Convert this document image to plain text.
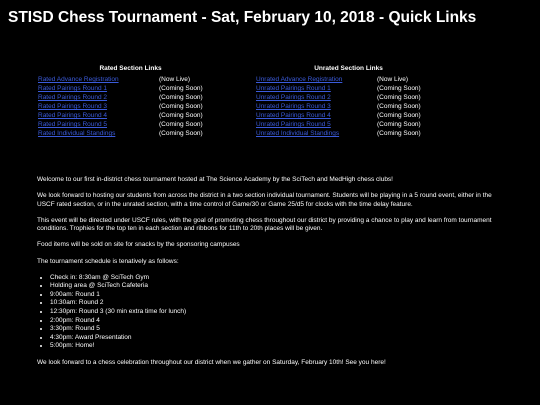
STISD Chess Tournament - Sat, February 10, 2018 - Quick Links
Rated Section Links
Rated Advance Registration	(Now Live)
Rated Pairings Round 1	(Coming Soon)
Rated Pairings Round 2	(Coming Soon)
Rated Pairings Round 3	(Coming Soon)
Rated Pairings Round 4	(Coming Soon)
Rated Pairings Round 5	(Coming Soon)
Rated Individual Standings	(Coming Soon)
Unrated Section Links
Unrated Advance Registration	(Now Live)
Unrated Pairings Round 1	(Coming Soon)
Unrated Pairings Round 2	(Coming Soon)
Unrated Pairings Round 3	(Coming Soon)
Unrated Pairings Round 4	(Coming Soon)
Unrated Pairings Round 5	(Coming Soon)
Unrated Individual Standings	(Coming Soon)

Welcome to our first in-district chess tournament hosted at The Science Academy by the SciTech and MedHigh chess clubs!

We look forward to hosting our students from across the district in a two section individual tournament. Students will be playing in a 5 round event, either in the USCF rated section, or in the unrated section, with a time control of Game/30 or Game 25/d5 for clocks with the time delay feature.

This event will be directed under USCF rules, with the goal of promoting chess throughout our district by providing a chance to play and learn from tournament conditions. Trophies for the top ten in each section and ribbons for 11th to 20th places will be given.

Food items will be sold on site for snacks by the sponsoring campuses

The tournament schedule is tenatively as follows:

• Check in: 8:30am @ SciTech Gym
• Holding area @ SciTech Cafeteria
• 9:00am: Round 1
• 10:30am: Round 2
• 12:30pm: Round 3 (30 min extra time for lunch)
• 2:00pm: Round 4
• 3:30pm: Round 5
• 4:30pm: Award Presentation
• 5:00pm: Home!

We look forward to a chess celebration throughout our district when we gather on Saturday, February 10th! See you here!
